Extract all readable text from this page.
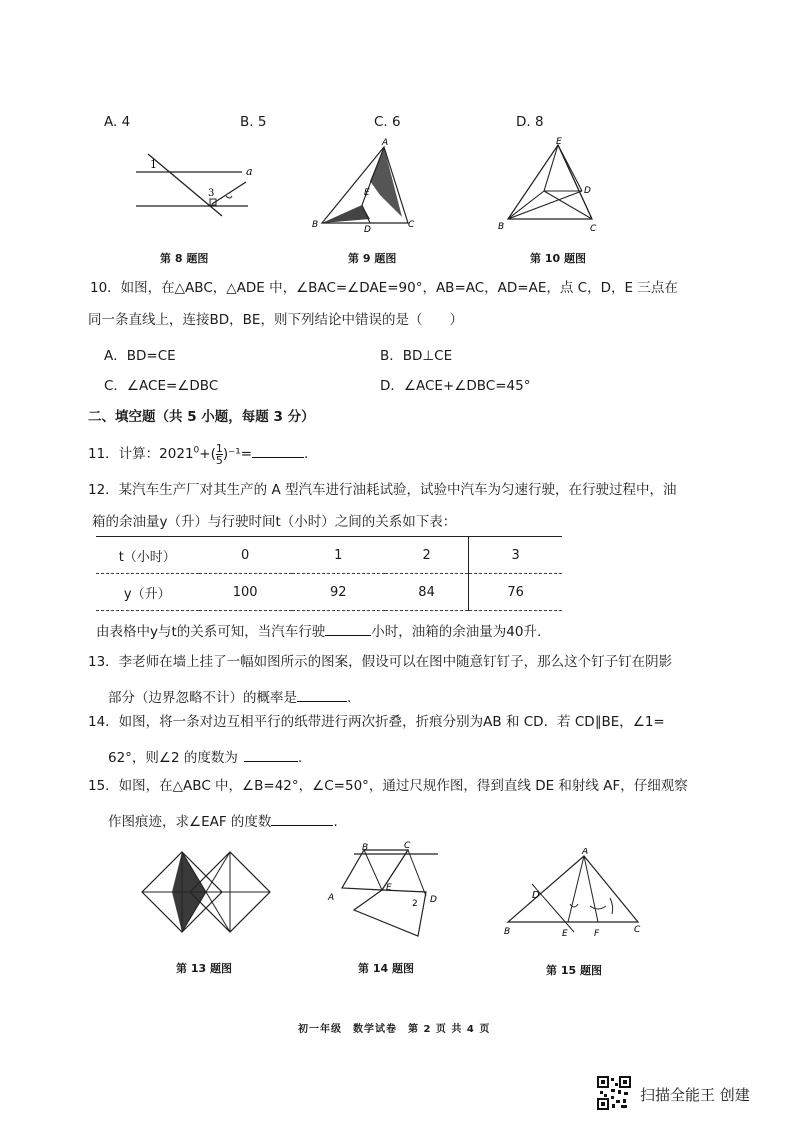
A. 4	B. 5	C. 6	D. 8
1
3
a
第 8 题图
A
B	C
D
E
第 9 题图
E
D
B	C
第 10 题图
10．如图，在△ABC，△ADE 中，∠BAC=∠DAE=90°，AB=AC，AD=AE，点 C，D，E 三点在
同一条直线上，连接BD，BE，则下列结论中错误的是（　　）
A．BD=CE	B．BD⊥CE
C．∠ACE=∠DBC	D．∠ACE+∠DBC=45°
二、填空题（共 5 小题，每题 3 分）
11．计算：$2021^0+( \frac{1}{5} )^{-1}=$	.
12．某汽车生产厂对其生产的 A 型汽车进行油耗试验，试验中汽车为匀速行驶，在行驶过程中，油
箱的余油量y（升）与行驶时间t（小时）之间的关系如下表：
t（小时）	0	1	2	3
y（升）	100	92	84	76
由表格中y与t的关系可知，当汽车行驶	小时，油箱的余油量为40升.
13．李老师在墙上挂了一幅如图所示的图案，假设可以在图中随意钉钉子，那么这个钉子钉在阴影
部分（边界忽略不计）的概率是	.
14．如图，将一条对边互相平行的纸带进行两次折叠，折痕分别为AB 和 CD．若 CD∥BE，∠1=
62°，则∠2 的度数为	.
15．如图，在△ABC 中，∠B=42°，∠C=50°，通过尺规作图，得到直线 DE 和射线 AF，仔细观察
作图痕迹，求∠EAF 的度数	.
第 13 题图
B	C
A
E
D
2
第 14 题图
A
D
B	E	F	C
第 15 题图
初一年级　数学试卷　第 2 页 共 4 页
扫描全能王 创建
